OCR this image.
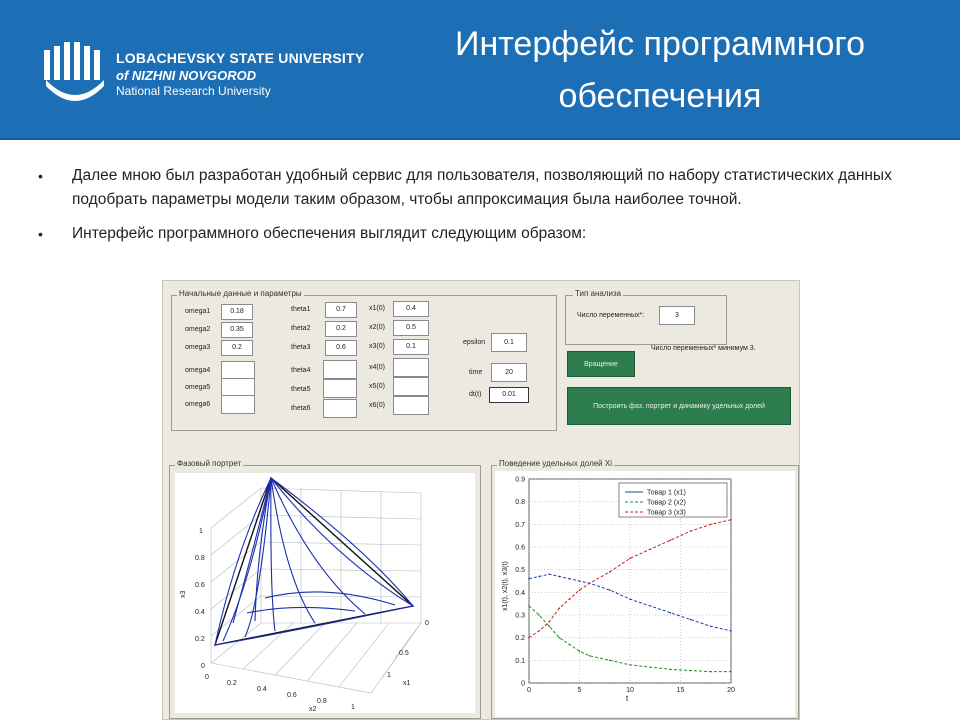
LOBACHEVSKY STATE UNIVERSITY
of NIZHNI NOVGOROD
National Research University
Интерфейс программного
обеспечения
• Далее мною был разработан удобный сервис для пользователя, позволяющий по набору статистических данных подобрать параметры модели таким образом, чтобы аппроксимация была наиболее точной.
• Интерфейс программного обеспечения выглядит следующим образом:
Начальные данные и параметры
omega1	0.18
omega2	0.35
omega3	0.2
omega4
omega5
omega6
theta1	0.7
theta2	0.2
theta3	0.6
theta4
theta5
theta6
x1(0)	0.4
x2(0)	0.5
x3(0)	0.1
x4(0)
x5(0)
x6(0)
epsilon	0.1
time	20
dt(t)	0.01
Тип анализа
Число переменных*:	3
Число переменных* минимум 3.
Вращение
Построить фаз. портрет и динамику удельных долей
Фазовый портрет
1
0.8
0.6
0.4
0.2
0
0
0.2
0.4
0.6
0.8
1
0
0.5
1
x1
x2
x3
Поведение удельных долей Xi
0
0.1
0.2
0.3
0.4
0.5
0.6
0.7
0.8
0.9
0	5	10	15	20
t
x1(t), x2(t), x3(t)
Товар 1 (x1)
Товар 2 (x2)
Товар 3 (x3)
